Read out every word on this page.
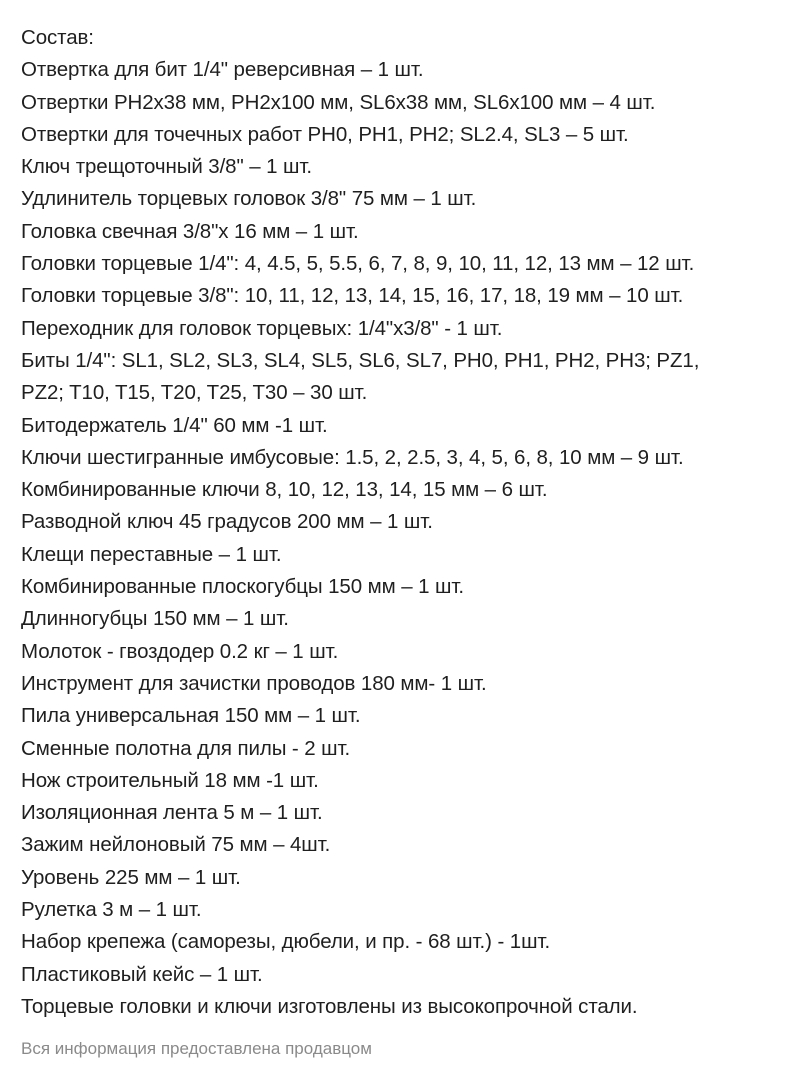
Состав:
Отвертка для бит 1/4" реверсивная – 1 шт.
Отвертки PH2x38 мм, PH2x100 мм, SL6x38 мм, SL6x100 мм – 4 шт.
Отвертки для точечных работ PH0, PH1, PH2; SL2.4, SL3 – 5 шт.
Ключ трещоточный 3/8" – 1 шт.
Удлинитель торцевых головок 3/8" 75 мм – 1 шт.
Головка свечная 3/8"х 16 мм – 1 шт.
Головки торцевые 1/4": 4, 4.5, 5, 5.5, 6, 7, 8, 9, 10, 11, 12, 13 мм – 12 шт.
Головки торцевые 3/8": 10, 11, 12, 13, 14, 15, 16, 17, 18, 19 мм – 10 шт.
Переходник для головок торцевых: 1/4"х3/8" - 1 шт.
Биты 1/4": SL1, SL2, SL3, SL4, SL5, SL6, SL7, PH0, PH1, PH2, PH3; PZ1,
PZ2; T10, T15, T20, T25, T30 – 30 шт.
Битодержатель 1/4" 60 мм -1 шт.
Ключи шестигранные имбусовые: 1.5, 2, 2.5, 3, 4, 5, 6, 8, 10 мм – 9 шт.
Комбинированные ключи 8, 10, 12, 13, 14, 15 мм – 6 шт.
Разводной ключ 45 градусов 200 мм – 1 шт.
Клещи переставные – 1 шт.
Комбинированные плоскогубцы 150 мм – 1 шт.
Длинногубцы 150 мм – 1 шт.
Молоток - гвоздодер 0.2 кг – 1 шт.
Инструмент для зачистки проводов 180 мм- 1 шт.
Пила универсальная 150 мм – 1 шт.
Сменные полотна для пилы - 2 шт.
Нож строительный 18 мм -1 шт.
Изоляционная лента 5 м – 1 шт.
Зажим нейлоновый 75 мм – 4шт.
Уровень 225 мм – 1 шт.
Рулетка 3 м – 1 шт.
Набор крепежа (саморезы, дюбели, и пр. - 68 шт.) - 1шт.
Пластиковый кейс – 1 шт.
Торцевые головки и ключи изготовлены из высокопрочной стали.
Вся информация предоставлена продавцом
